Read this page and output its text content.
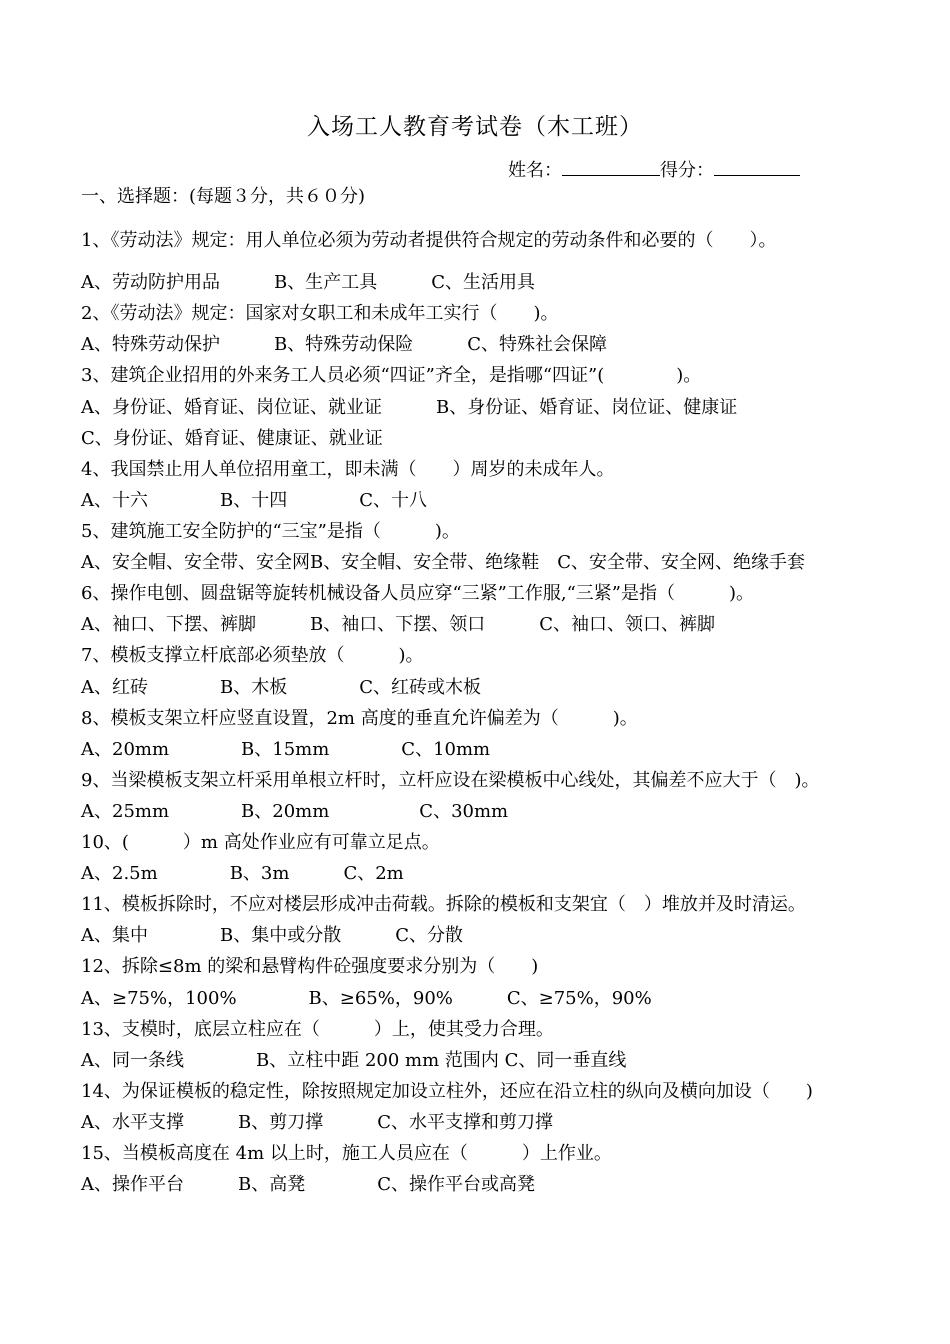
入场工人教育考试卷（木工班）
姓名：	得分：
一、选择题：(每题３分，共６０分)
1、《劳动法》规定：用人单位必须为劳动者提供符合规定的劳动条件和必要的（　　）。
A、劳动防护用品　　　B、生产工具　　　C、生活用具
2、《劳动法》规定：国家对女职工和未成年工实行（　　)。
A、特殊劳动保护　　　B、特殊劳动保险　　　C、特殊社会保障
3、建筑企业招用的外来务工人员必须“四证”齐全，是指哪“四证”(　　　　)。
A、身份证、婚育证、岗位证、就业证　　　B、身份证、婚育证、岗位证、健康证
C、身份证、婚育证、健康证、就业证
4、我国禁止用人单位招用童工，即未满（　　）周岁的未成年人。
A、十六　　　　B、十四　　　　C、十八
5、建筑施工安全防护的“三宝”是指（　　　)。
A、安全帽、安全带、安全网B、安全帽、安全带、绝缘鞋　C、安全带、安全网、绝缘手套
6、操作电刨、圆盘锯等旋转机械设备人员应穿“三紧”工作服,“三紧”是指（　　　)。
A、袖口、下摆、裤脚　　　B、袖口、下摆、领口　　　C、袖口、领口、裤脚
7、模板支撑立杆底部必须垫放（　　　)。
A、红砖　　　　B、木板　　　　C、红砖或木板
8、模板支架立杆应竖直设置，2m 高度的垂直允许偏差为（　　　)。
A、20mm　　　　B、15mm　　　　C、10mm
9、当梁模板支架立杆采用单根立杆时，立杆应设在梁模板中心线处，其偏差不应大于（　)。
A、25mm　　　　B、20mm　　　　　C、30mm
10、(　　　）m 高处作业应有可靠立足点。
A、2.5m　　　　B、3m　　　C、2m
11、模板拆除时，不应对楼层形成冲击荷载。拆除的模板和支架宜（　）堆放并及时清运。
A、集中　　　　B、集中或分散　　　C、分散
12、拆除≤8m 的梁和悬臂构件砼强度要求分别为（　　)
A、≥75%，100%　　　　B、≥65%，90%　　　C、≥75%，90%
13、支模时，底层立柱应在（　　　）上，使其受力合理。
A、同一条线　　　　B、立柱中距 200 mm 范围内 C、同一垂直线
14、为保证模板的稳定性，除按照规定加设立柱外，还应在沿立柱的纵向及横向加设（　　)
A、水平支撑　　　B、剪刀撑　　　C、水平支撑和剪刀撑
15、当模板高度在 4m 以上时，施工人员应在（　　　）上作业。
A、操作平台　　　B、高凳　　　　C、操作平台或高凳
